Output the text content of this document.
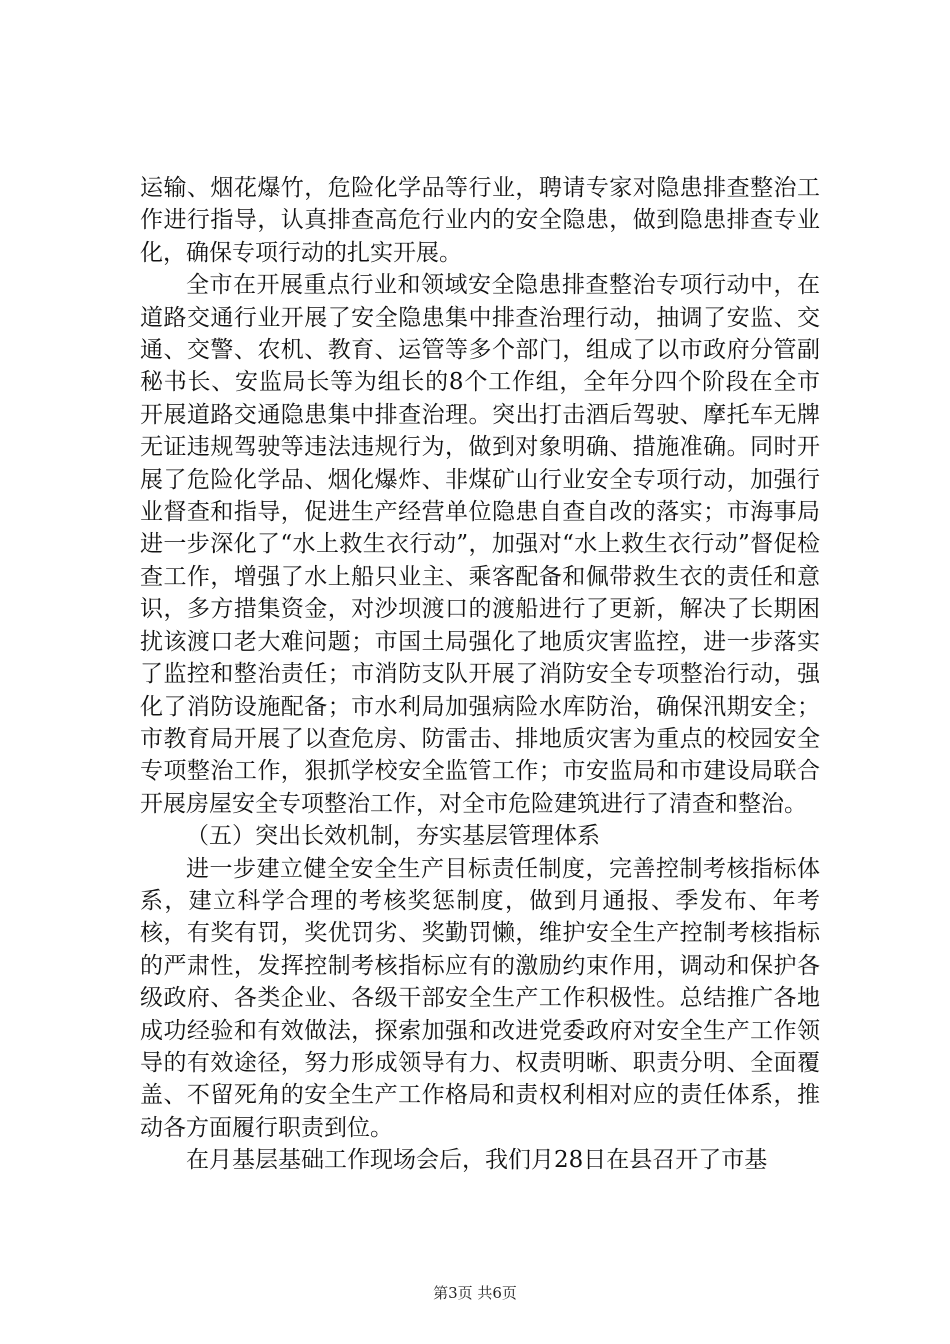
运输、烟花爆竹，危险化学品等行业，聘请专家对隐患排查整治工作进行指导，认真排查高危行业内的安全隐患，做到隐患排查专业化，确保专项行动的扎实开展。

全市在开展重点行业和领域安全隐患排查整治专项行动中，在道路交通行业开展了安全隐患集中排查治理行动，抽调了安监、交通、交警、农机、教育、运管等多个部门，组成了以市政府分管副秘书长、安监局长等为组长的8个工作组，全年分四个阶段在全市开展道路交通隐患集中排查治理。突出打击酒后驾驶、摩托车无牌无证违规驾驶等违法违规行为，做到对象明确、措施准确。同时开展了危险化学品、烟化爆炸、非煤矿山行业安全专项行动，加强行业督查和指导，促进生产经营单位隐患自查自改的落实；市海事局进一步深化了“水上救生衣行动”，加强对“水上救生衣行动”督促检查工作，增强了水上船只业主、乘客配备和佩带救生衣的责任和意识，多方措集资金，对沙坝渡口的渡船进行了更新，解决了长期困扰该渡口老大难问题；市国土局强化了地质灾害监控，进一步落实了监控和整治责任；市消防支队开展了消防安全专项整治行动，强化了消防设施配备；市水利局加强病险水库防治，确保汛期安全；市教育局开展了以查危房、防雷击、排地质灾害为重点的校园安全专项整治工作，狠抓学校安全监管工作；市安监局和市建设局联合开展房屋安全专项整治工作，对全市危险建筑进行了清查和整治。

（五）突出长效机制，夯实基层管理体系

进一步建立健全安全生产目标责任制度，完善控制考核指标体系，建立科学合理的考核奖惩制度，做到月通报、季发布、年考核，有奖有罚，奖优罚劣、奖勤罚懒，维护安全生产控制考核指标的严肃性，发挥控制考核指标应有的激励约束作用，调动和保护各级政府、各类企业、各级干部安全生产工作积极性。总结推广各地成功经验和有效做法，探索加强和改进党委政府对安全生产工作领导的有效途径，努力形成领导有力、权责明晰、职责分明、全面覆盖、不留死角的安全生产工作格局和责权利相对应的责任体系，推动各方面履行职责到位。

在月基层基础工作现场会后，我们月28日在县召开了市基

第3页 共6页
